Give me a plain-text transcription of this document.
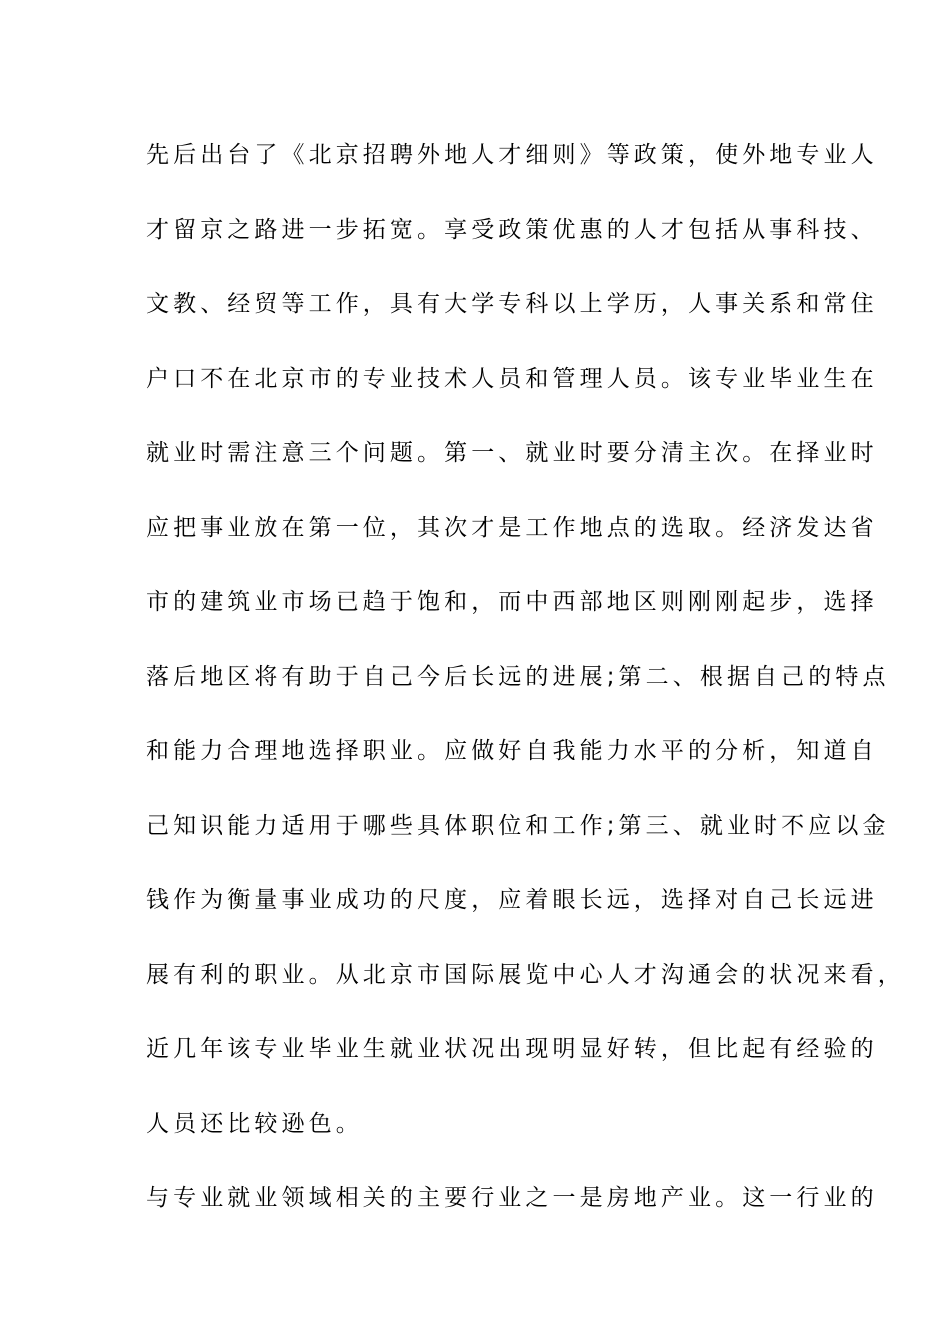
先后出台了《北京招聘外地人才细则》等政策，使外地专业人
才留京之路进一步拓宽。享受政策优惠的人才包括从事科技、
文教、经贸等工作，具有大学专科以上学历，人事关系和常住
户口不在北京市的专业技术人员和管理人员。该专业毕业生在
就业时需注意三个问题。第一、就业时要分清主次。在择业时
应把事业放在第一位，其次才是工作地点的选取。经济发达省
市的建筑业市场已趋于饱和，而中西部地区则刚刚起步，选择
落后地区将有助于自己今后长远的进展;第二、根据自己的特点
和能力合理地选择职业。应做好自我能力水平的分析，知道自
己知识能力适用于哪些具体职位和工作;第三、就业时不应以金
钱作为衡量事业成功的尺度，应着眼长远，选择对自己长远进
展有利的职业。从北京市国际展览中心人才沟通会的状况来看，
近几年该专业毕业生就业状况出现明显好转，但比起有经验的
人员还比较逊色。
与专业就业领域相关的主要行业之一是房地产业。这一行业的
